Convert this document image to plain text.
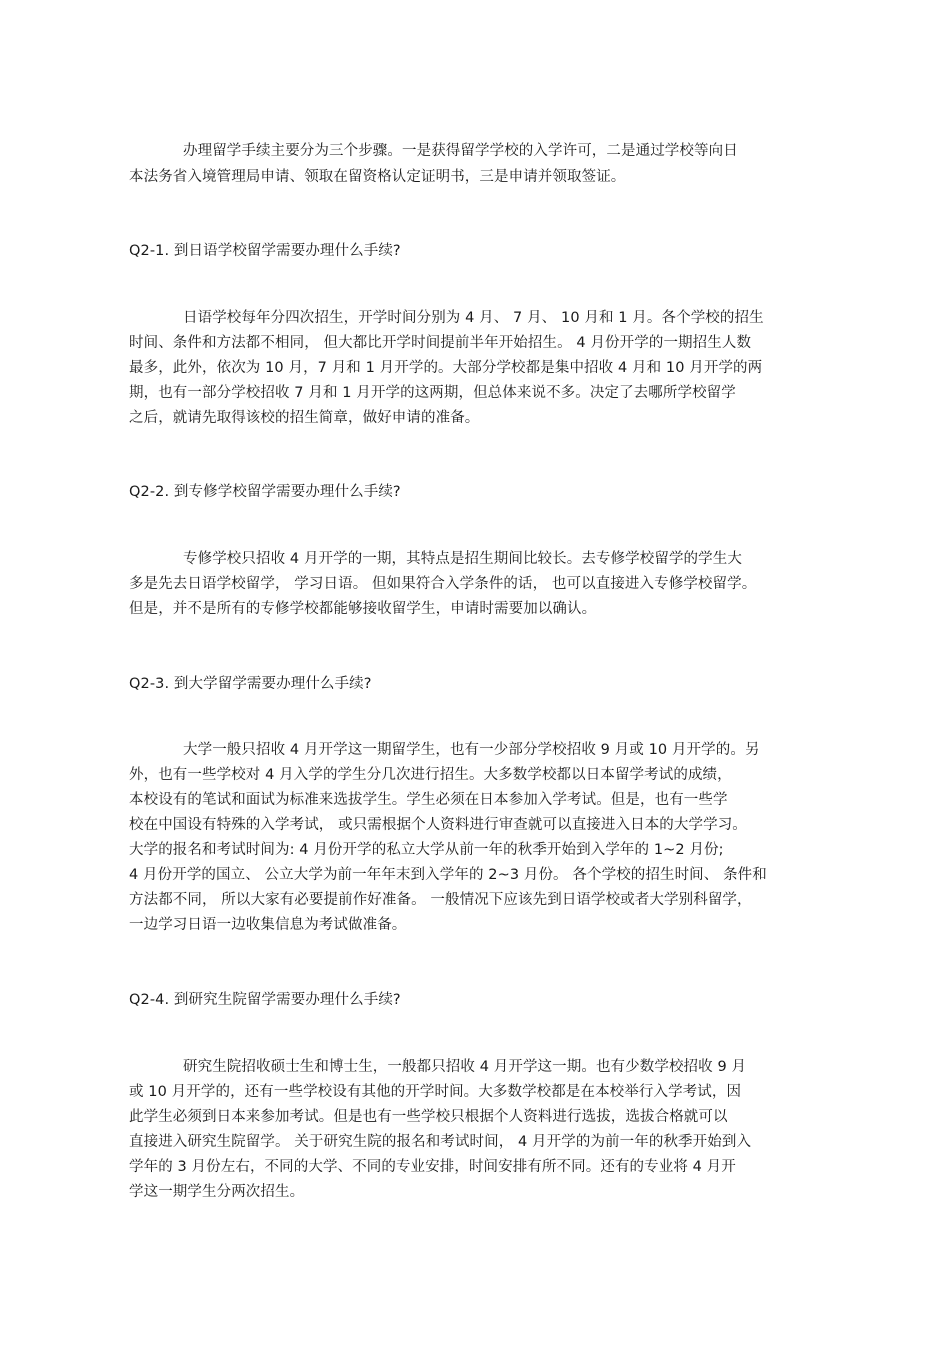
办理留学手续主要分为三个步骤。一是获得留学学校的入学许可，二是通过学校等向日
本法务省入境管理局申请、领取在留资格认定证明书，三是申请并领取签证。
Q2-1. 到日语学校留学需要办理什么手续?
日语学校每年分四次招生，开学时间分别为 4 月、 7 月、 10 月和 1 月。各个学校的招生
时间、条件和方法都不相同， 但大都比开学时间提前半年开始招生。 4 月份开学的一期招生人数
最多，此外，依次为 10 月，7 月和 1 月开学的。大部分学校都是集中招收 4 月和 10 月开学的两
期，也有一部分学校招收 7 月和 1 月开学的这两期，但总体来说不多。决定了去哪所学校留学
之后，就请先取得该校的招生简章，做好申请的准备。
Q2-2. 到专修学校留学需要办理什么手续?
专修学校只招收 4 月开学的一期，其特点是招生期间比较长。去专修学校留学的学生大
多是先去日语学校留学， 学习日语。 但如果符合入学条件的话， 也可以直接进入专修学校留学。
但是，并不是所有的专修学校都能够接收留学生，申请时需要加以确认。
Q2-3. 到大学留学需要办理什么手续?
大学一般只招收 4 月开学这一期留学生，也有一少部分学校招收 9 月或 10 月开学的。另
外，也有一些学校对 4 月入学的学生分几次进行招生。大多数学校都以日本留学考试的成绩，
本校设有的笔试和面试为标准来选拔学生。学生必须在日本参加入学考试。但是，也有一些学
校在中国设有特殊的入学考试， 或只需根据个人资料进行审查就可以直接进入日本的大学学习。
大学的报名和考试时间为: 4 月份开学的私立大学从前一年的秋季开始到入学年的 1~2 月份;
4 月份开学的国立、 公立大学为前一年年末到入学年的 2~3 月份。 各个学校的招生时间、 条件和
方法都不同， 所以大家有必要提前作好准备。 一般情况下应该先到日语学校或者大学别科留学，
一边学习日语一边收集信息为考试做准备。
Q2-4. 到研究生院留学需要办理什么手续?
研究生院招收硕士生和博士生，一般都只招收 4 月开学这一期。也有少数学校招收 9 月
或 10 月开学的，还有一些学校设有其他的开学时间。大多数学校都是在本校举行入学考试，因
此学生必须到日本来参加考试。但是也有一些学校只根据个人资料进行选拔，选拔合格就可以
直接进入研究生院留学。 关于研究生院的报名和考试时间， 4 月开学的为前一年的秋季开始到入
学年的 3 月份左右，不同的大学、不同的专业安排，时间安排有所不同。还有的专业将 4 月开
学这一期学生分两次招生。
